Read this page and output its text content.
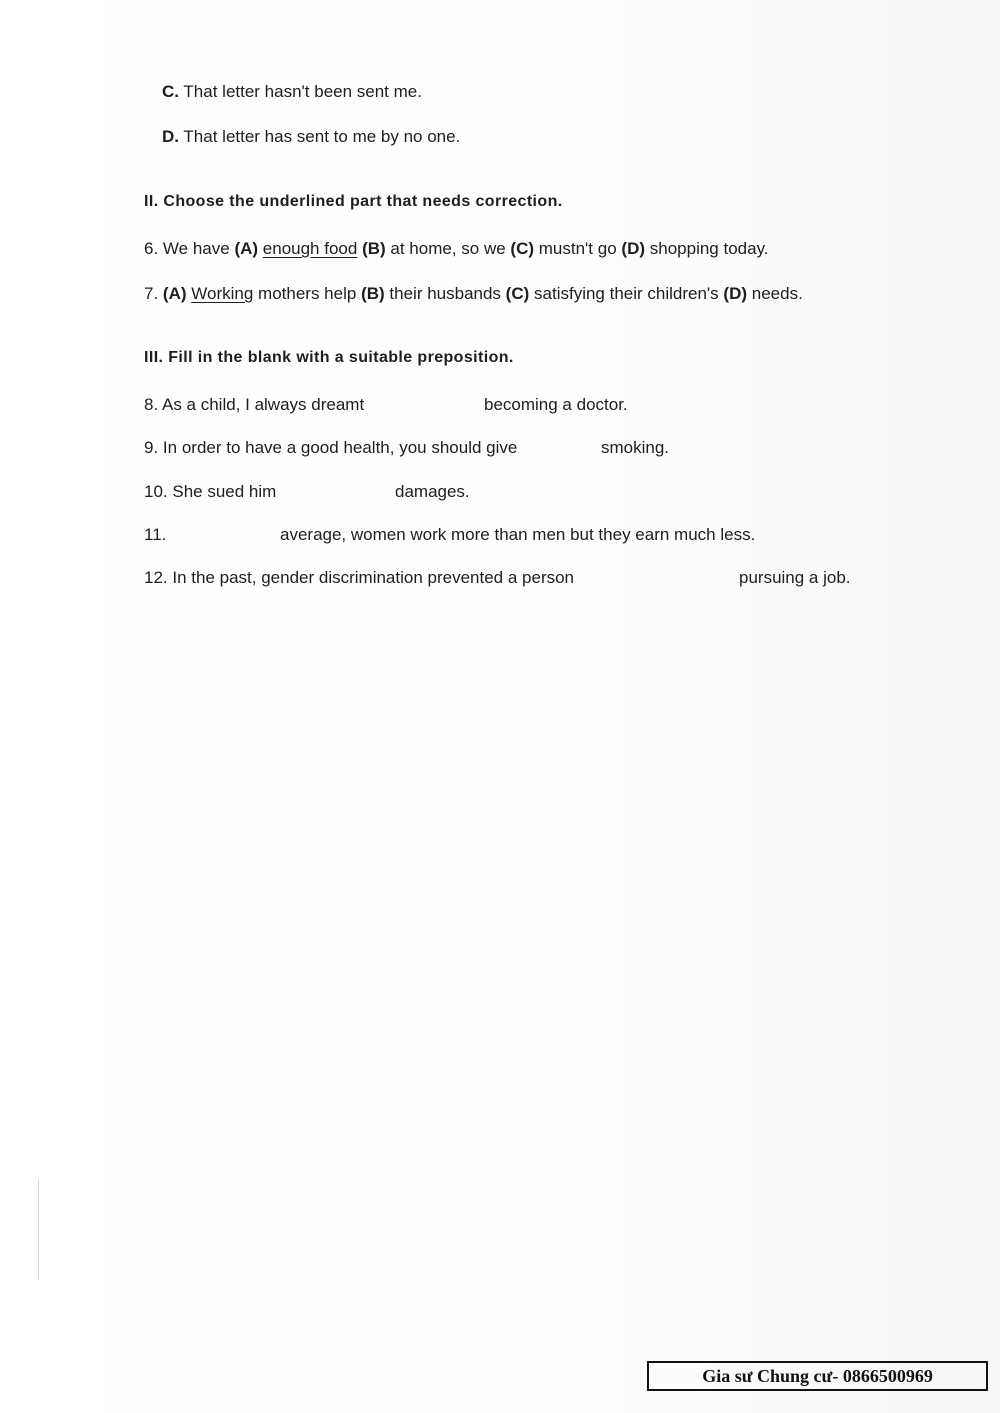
C. That letter hasn't been sent me.
D. That letter has sent to me by no one.
II. Choose the underlined part that needs correction.
6. We have (A) enough food (B) at home, so we (C) mustn't go (D) shopping today.
7. (A) Working mothers help (B) their husbands (C) satisfying their children's (D) needs.
III. Fill in the blank with a suitable preposition.
8. As a child, I always dreamt	becoming a doctor.
9. In order to have a good health, you should give	smoking.
10. She sued him	damages.
11.	average, women work more than men but they earn much less.
12. In the past, gender discrimination prevented a person	pursuing a job.
Gia sư Chung cư- 0866500969
